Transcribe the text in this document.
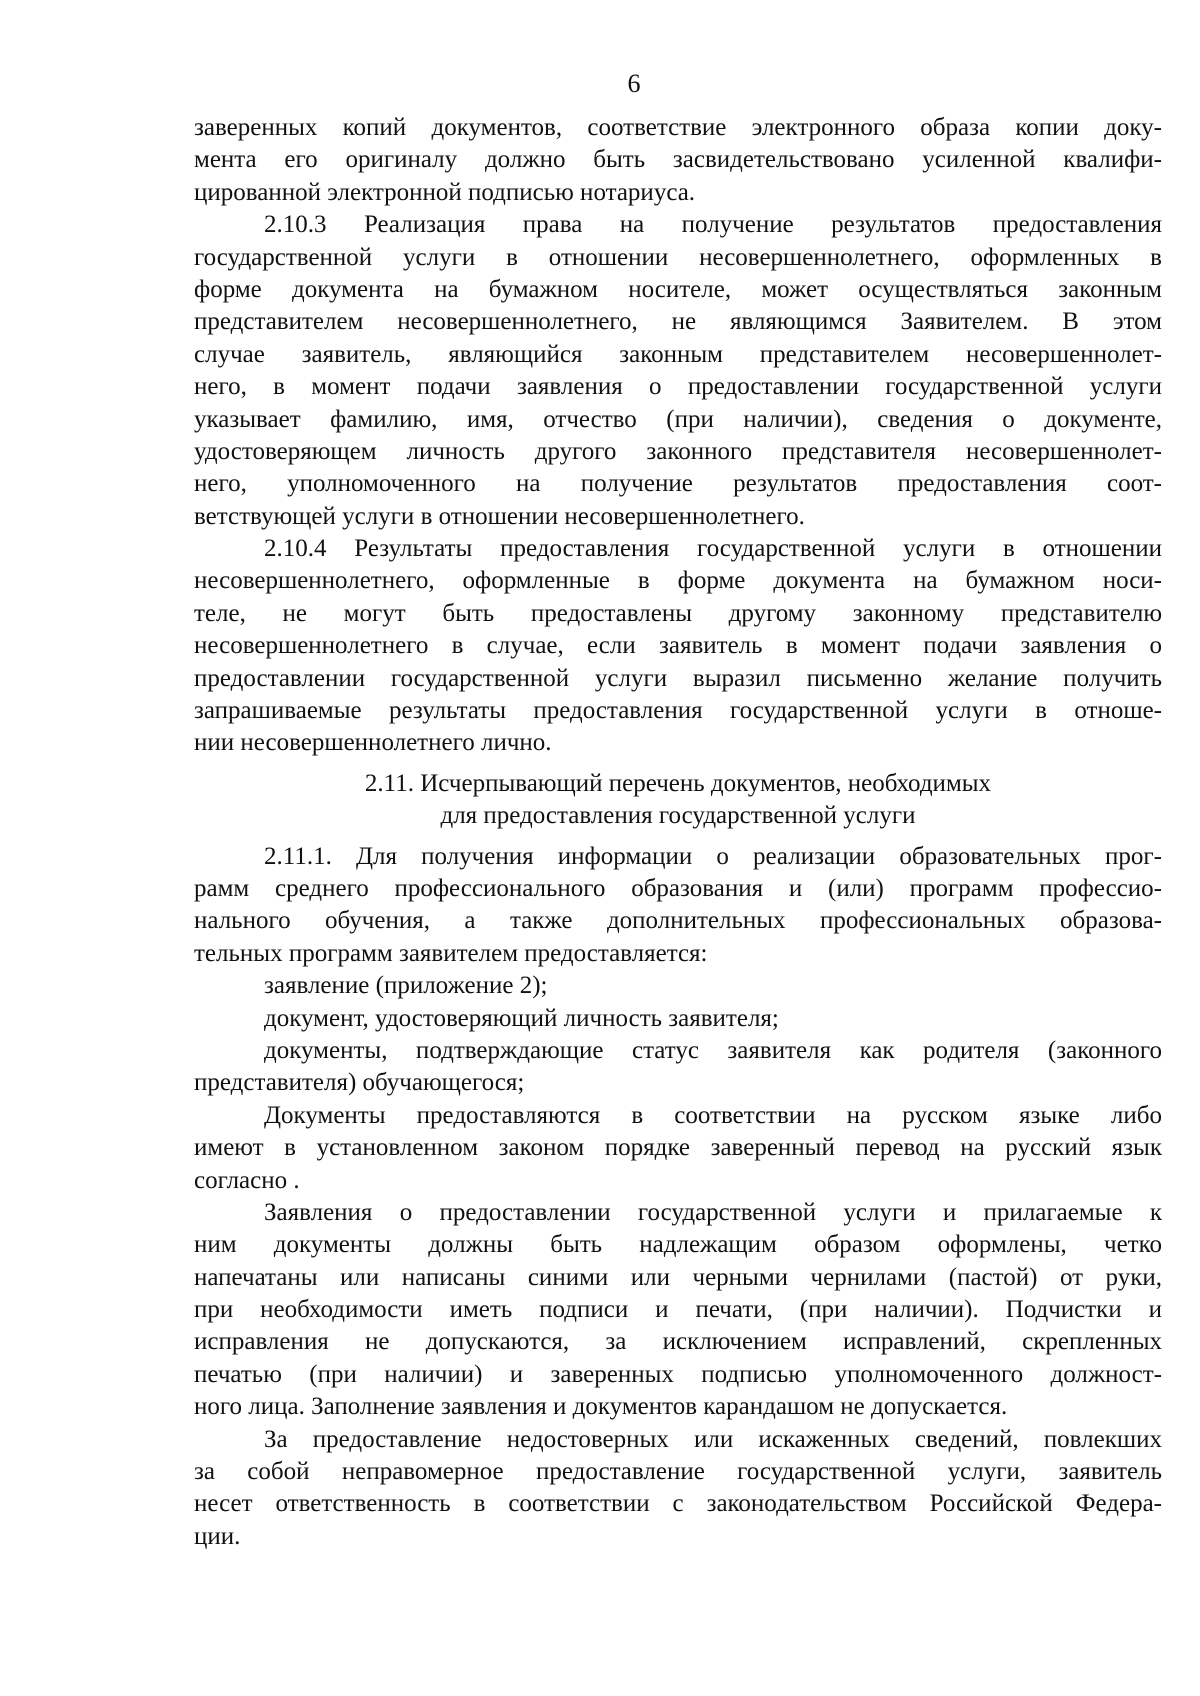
6
заверенных копий документов, соответствие электронного образа копии доку-
мента его оригиналу должно быть засвидетельствовано усиленной квалифи-
цированной электронной подписью нотариуса.
2.10.3 Реализация права на получение результатов предоставления
государственной услуги в отношении несовершеннолетнего, оформленных в
форме документа на бумажном носителе, может осуществляться законным
представителем несовершеннолетнего, не являющимся Заявителем. В этом
случае заявитель, являющийся законным представителем несовершеннолет-
него, в момент подачи заявления о предоставлении государственной услуги
указывает фамилию, имя, отчество (при наличии), сведения о документе,
удостоверяющем личность другого законного представителя несовершеннолет-
него, уполномоченного на получение результатов предоставления соот-
ветствующей услуги в отношении несовершеннолетнего.
2.10.4 Результаты предоставления государственной услуги в отношении
несовершеннолетнего, оформленные в форме документа на бумажном носи-
теле, не могут быть предоставлены другому законному представителю
несовершеннолетнего в случае, если заявитель в момент подачи заявления о
предоставлении государственной услуги выразил письменно желание получить
запрашиваемые результаты предоставления государственной услуги в отноше-
нии несовершеннолетнего лично.
2.11. Исчерпывающий перечень документов, необходимых
для предоставления государственной услуги
2.11.1. Для получения информации о реализации образовательных прог-
рамм среднего профессионального образования и (или) программ профессио-
нального обучения, а также дополнительных профессиональных образова-
тельных программ заявителем предоставляется:
заявление (приложение 2);
документ, удостоверяющий личность заявителя;
документы, подтверждающие статус заявителя как родителя (законного
представителя) обучающегося;
Документы предоставляются в соответствии на русском языке либо
имеют в установленном законом порядке заверенный перевод на русский язык
согласно .
Заявления о предоставлении государственной услуги и прилагаемые к
ним документы должны быть надлежащим образом оформлены, четко
напечатаны или написаны синими или черными чернилами (пастой) от руки,
при необходимости иметь подписи и печати, (при наличии). Подчистки и
исправления не допускаются, за исключением исправлений, скрепленных
печатью (при наличии) и заверенных подписью уполномоченного должност-
ного лица. Заполнение заявления и документов карандашом не допускается.
За предоставление недостоверных или искаженных сведений, повлекших
за собой неправомерное предоставление государственной услуги, заявитель
несет ответственность в соответствии с законодательством Российской Федера-
ции.
